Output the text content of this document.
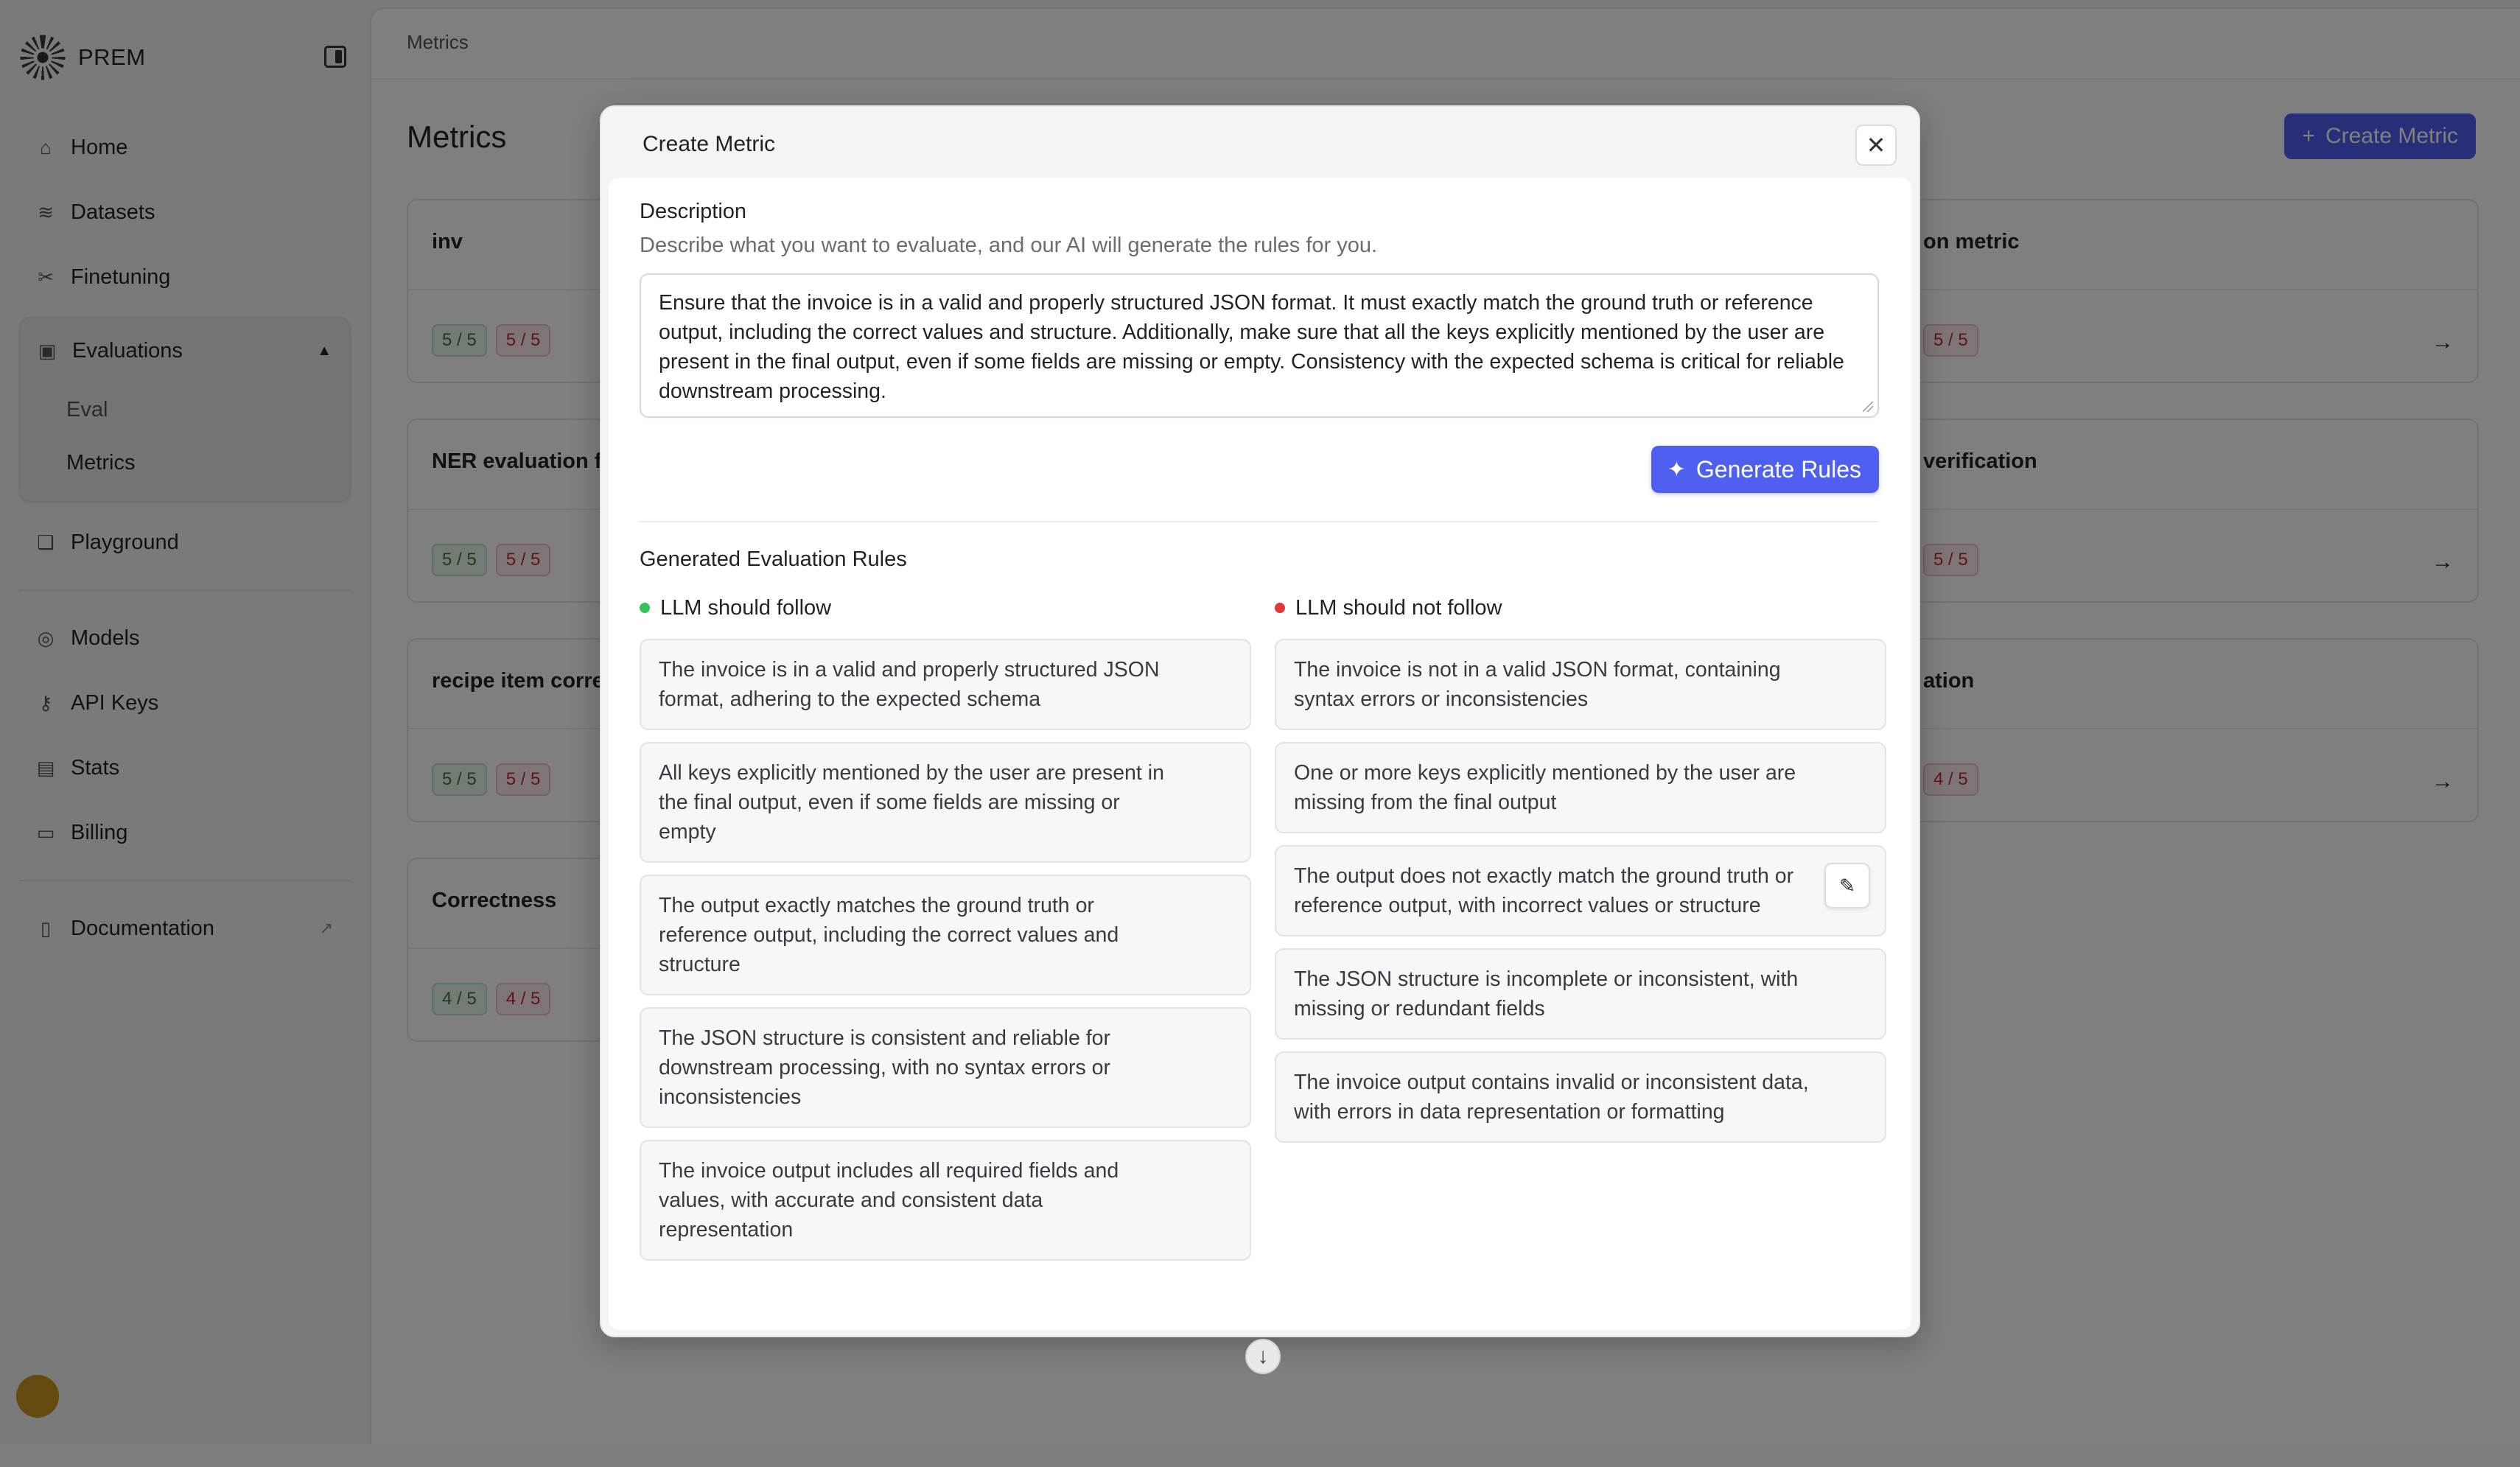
Create Metric	✕
Description
Describe what you want to evaluate, and our AI will generate the rules for you.
Ensure that the invoice is in a valid and properly structured JSON format. It must exactly match the ground truth or reference output, including the correct values and structure. Additionally, make sure that all the keys explicitly mentioned by the user are present in the final output, even if some fields are missing or empty. Consistency with the expected schema is critical for reliable downstream processing.
✦ Generate Rules
Generated Evaluation Rules
LLM should follow
The invoice is in a valid and properly structured JSON format, adhering to the expected schema
All keys explicitly mentioned by the user are present in the final output, even if some fields are missing or empty
The output exactly matches the ground truth or reference output, including the correct values and structure
The JSON structure is consistent and reliable for downstream processing, with no syntax errors or inconsistencies
The invoice output includes all required fields and values, with accurate and consistent data representation
LLM should not follow
The invoice is not in a valid JSON format, containing syntax errors or inconsistencies
One or more keys explicitly mentioned by the user are missing from the final output
The output does not exactly match the ground truth or reference output, with incorrect values or structure
✎
The JSON structure is incomplete or inconsistent, with missing or redundant fields
The invoice output contains invalid or inconsistent data, with errors in data representation or formatting
↓
